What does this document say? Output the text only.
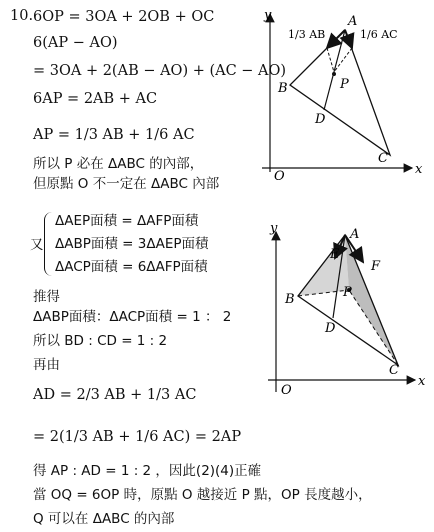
10. 6OP = 3OA + 2OB + OC
6(AP − AO)
= 3OA + 2(AB − AO) + (AC − AO)
6AP = 2AB + AC
AP = 1/3 AB + 1/6 AC
所以 P 必在 ΔABC 的內部，
但原點 O 不一定在 ΔABC 內部
又
ΔAEP面積 = ΔAFP面積
ΔABP面積 = 3ΔAEP面積
ΔACP面積 = 6ΔAFP面積
推得
ΔABP面積：ΔACP面積 = 1 ： 2
所以 BD : CD = 1 : 2
再由
AD = 2/3 AB + 1/3 AC
= 2(1/3 AB + 1/6 AC) = 2AP
得 AP : AD = 1 : 2 ，因此(2)(4)正確
當 OQ = 6OP 時，原點 O 越接近 P 點，OP 長度越小，
Q 可以在 ΔABC 的內部
y
x
O
A
B
C
D
P
1/3 AB	1/6 AC
y
x
O
A
B
C
D
E
F
P
